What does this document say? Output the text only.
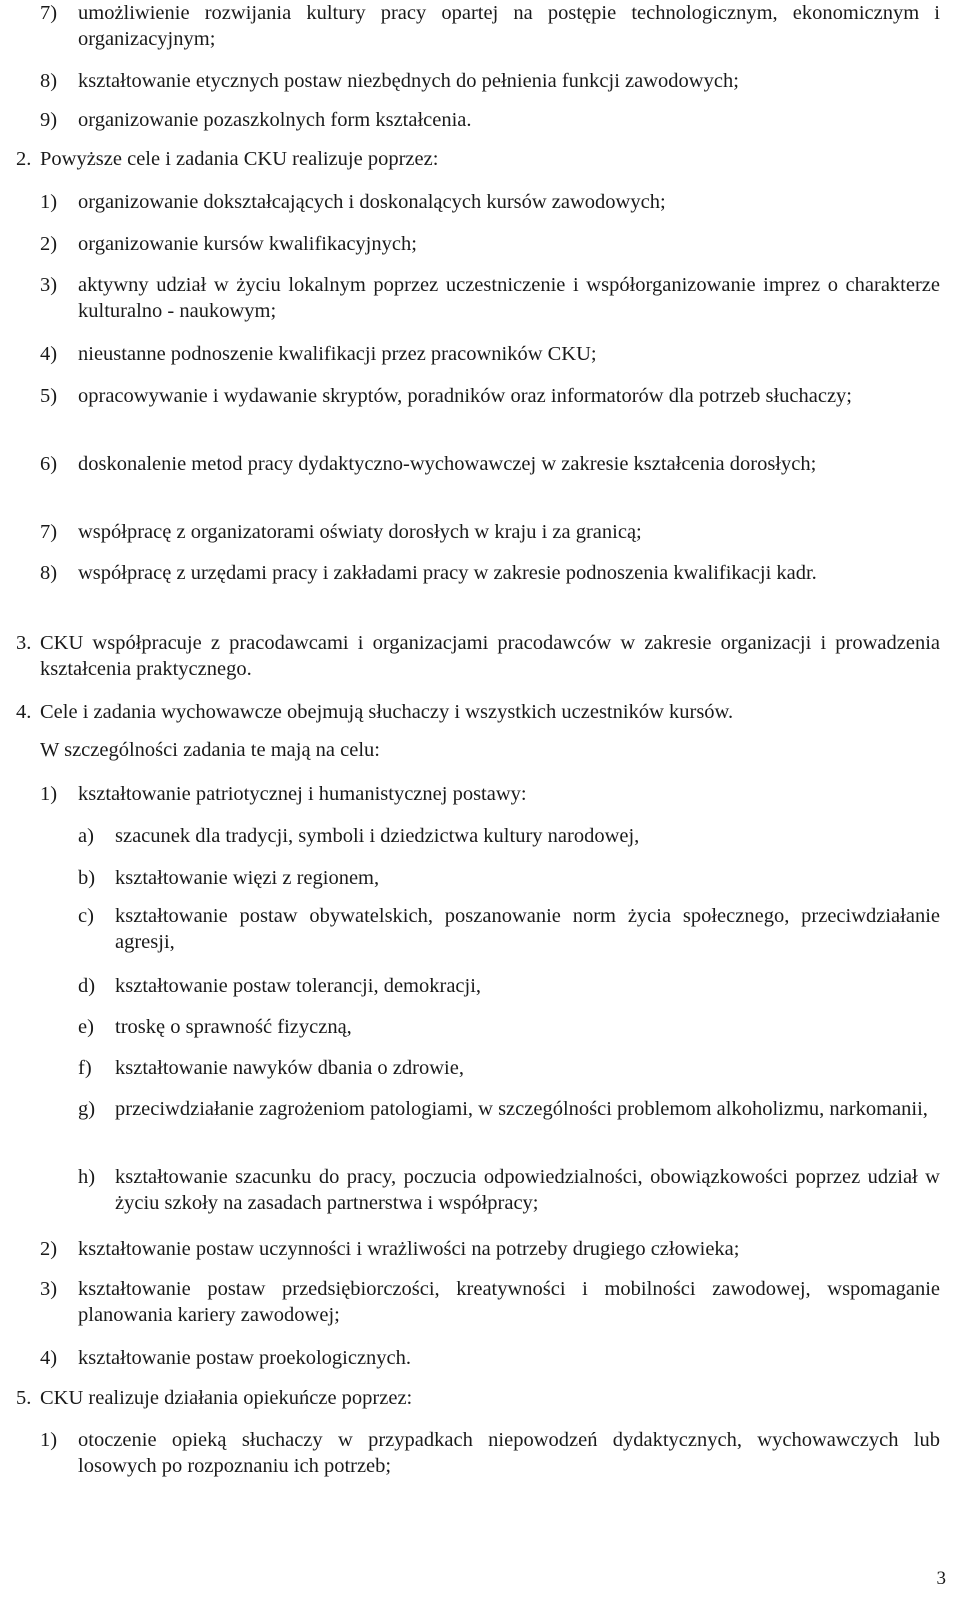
7) umożliwienie rozwijania kultury pracy opartej na postępie technologicznym, ekonomicznym i organizacyjnym;
8) kształtowanie etycznych postaw niezbędnych do pełnienia funkcji zawodowych;
9) organizowanie pozaszkolnych form kształcenia.
2. Powyższe cele i zadania CKU realizuje poprzez:
1) organizowanie dokształcających i doskonalących kursów zawodowych;
2) organizowanie kursów kwalifikacyjnych;
3) aktywny udział w życiu lokalnym poprzez uczestniczenie i współorganizowanie imprez o charakterze kulturalno - naukowym;
4) nieustanne podnoszenie kwalifikacji przez pracowników CKU;
5) opracowywanie i wydawanie skryptów, poradników oraz informatorów dla potrzeb słuchaczy;
6) doskonalenie metod pracy dydaktyczno-wychowawczej w zakresie kształcenia dorosłych;
7) współpracę z organizatorami oświaty dorosłych w kraju i za granicą;
8) współpracę z urzędami pracy i zakładami pracy w zakresie podnoszenia kwalifikacji kadr.
3. CKU współpracuje z pracodawcami i organizacjami pracodawców w zakresie organizacji i prowadzenia kształcenia praktycznego.
4. Cele i zadania wychowawcze obejmują słuchaczy i wszystkich uczestników kursów.

W szczególności zadania te mają na celu:

1) kształtowanie patriotycznej i humanistycznej postawy:
a) szacunek dla tradycji, symboli i dziedzictwa kultury narodowej,
b) kształtowanie więzi z regionem,
c) kształtowanie postaw obywatelskich, poszanowanie norm życia społecznego, przeciwdziałanie agresji,
d) kształtowanie postaw tolerancji, demokracji,
e) troskę o sprawność fizyczną,
f) kształtowanie nawyków dbania o zdrowie,
g) przeciwdziałanie zagrożeniom patologiami, w szczególności problemom alkoholizmu, narkomanii,
h) kształtowanie szacunku do pracy, poczucia odpowiedzialności, obowiązkowości poprzez udział w życiu szkoły na zasadach partnerstwa i współpracy;
2) kształtowanie postaw uczynności i wrażliwości na potrzeby drugiego człowieka;
3) kształtowanie postaw przedsiębiorczości, kreatywności i mobilności zawodowej, wspomaganie planowania kariery zawodowej;
4) kształtowanie postaw proekologicznych.
5. CKU realizuje działania opiekuńcze poprzez:
1) otoczenie opieką słuchaczy w przypadkach niepowodzeń dydaktycznych, wychowawczych lub losowych po rozpoznaniu ich potrzeb;
3
